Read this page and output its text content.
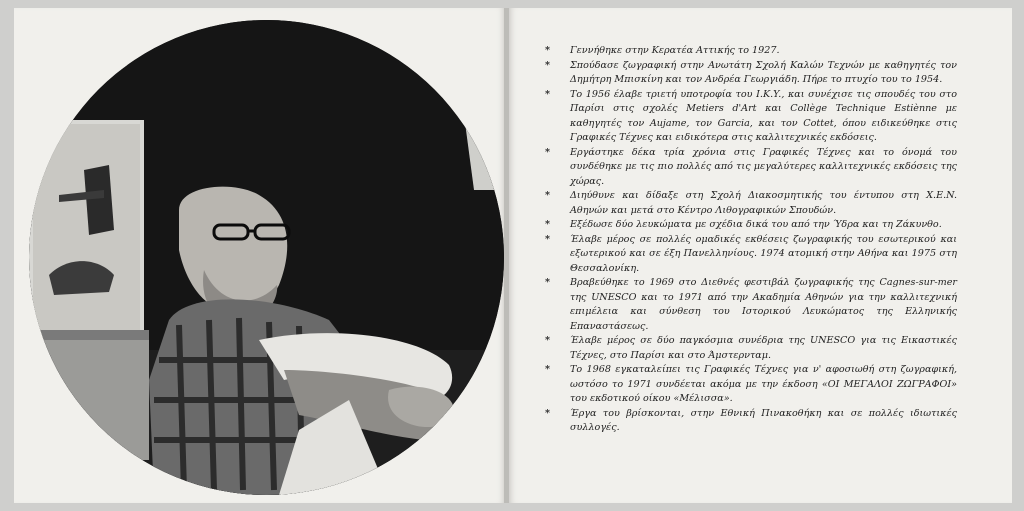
* Γεννήθηκε στην Κερατέα Αττικής το 1927.
* Σπούδασε ζωγραφική στην Ανωτάτη Σχολή Καλών Τεχνών με καθηγητές τον Δημήτρη Μπισκίνη και τον Ανδρέα Γεωργιάδη. Πήρε το πτυχίο του το 1954.
* Το 1956 έλαβε τριετή υποτροφία του I.K.Y., και συνέχισε τις σπουδές του στο Παρίσι στις σχολές Metiers d'Art και Collège Technique Estiènne με καθηγητές τον Aujame, τον Garcia, και τον Cottet, όπου ειδικεύθηκε στις Γραφικές Τέχνες και ειδικότερα στις καλλιτεχνικές εκδόσεις.
* Εργάστηκε δέκα τρία χρόνια στις Γραφικές Τέχνες και το όνομά του συνδέθηκε με τις πιο πολλές από τις μεγαλύτερες καλλιτεχνικές εκδόσεις της χώρας.
* Διηύθυνε και δίδαξε στη Σχολή Διακοσμητικής του έντυπου στη X.E.N. Αθηνών και μετά στο Κέντρο Λιθογραφικών Σπουδών.
* Εξέδωσε δύο λευκώματα με σχέδια δικά του από την Ύδρα και τη Ζάκυνθο.
* Έλαβε μέρος σε πολλές ομαδικές εκθέσεις ζωγραφικής του εσωτερικού και εξωτερικού και σε έξη Πανελληνίους. 1974 ατομική στην Αθήνα και 1975 στη Θεσσαλονίκη.
* Βραβεύθηκε το 1969 στο Διεθνές φεστιβάλ ζωγραφικής της Cagnes-sur-mer της UNESCO και το 1971 από την Ακαδημία Αθηνών για την καλλιτεχνική επιμέλεια και σύνθεση του Ιστορικού Λευκώματος της Ελληνικής Επαναστάσεως.
* Έλαβε μέρος σε δύο παγκόσμια συνέδρια της UNESCO για τις Εικαστικές Τέχνες, στο Παρίσι και στο Άμστερνταμ.
* Το 1968 εγκαταλείπει τις Γραφικές Τέχνες για ν' αφοσιωθή στη ζωγραφική, ωστόσο το 1971 συνδέεται ακόμα με την έκδοση «ΟΙ ΜΕΓΑΛΟΙ ΖΩΓΡΑΦΟΙ» του εκδοτικού οίκου «Μέλισσα».
* Έργα του βρίσκονται, στην Εθνική Πινακοθήκη και σε πολλές ιδιωτικές συλλογές.
